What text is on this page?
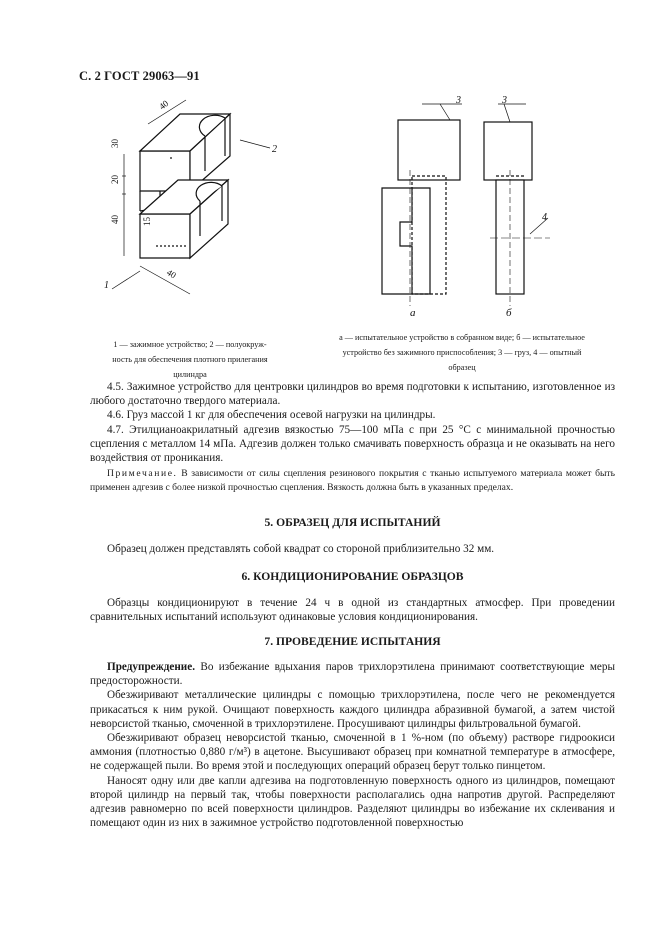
С. 2 ГОСТ 29063—91
40
30
20
40 15
40
1
2
3	3
4
а	б
1 — зажимное устройство; 2 — полуокруж-
ность для обеспечения плотного прилегания
цилиндра
а — испытательное устройство в собранном виде; б — испытательное
устройство без зажимного приспособления; 3 — груз, 4 — опытный
образец

4.5. Зажимное устройство для центровки цилиндров во время подготовки к испытанию, изготовленное из любого достаточно твердого материала.

4.6. Груз массой 1 кг для обеспечения осевой нагрузки на цилиндры.

4.7. Этилцианоакрилатный адгезив вязкостью 75—100 мПа с при 25 °С с минимальной прочностью сцепления с металлом 14 мПа. Адгезив должен только смачивать поверхность образца и не оказывать на него воздействия от проникания.

Примечание. В зависимости от силы сцепления резинового покрытия с тканью испытуемого материала может быть применен адгезив с более низкой прочностью сцепления. Вязкость должна быть в указанных пределах.

5. ОБРАЗЕЦ ДЛЯ ИСПЫТАНИЙ

Образец должен представлять собой квадрат со стороной приблизительно 32 мм.

6. КОНДИЦИОНИРОВАНИЕ ОБРАЗЦОВ

Образцы кондиционируют в течение 24 ч в одной из стандартных атмосфер. При проведении сравнительных испытаний используют одинаковые условия кондиционирования.

7. ПРОВЕДЕНИЕ ИСПЫТАНИЯ

Предупреждение. Во избежание вдыхания паров трихлорэтилена принимают соответствующие меры предосторожности.

Обезжиривают металлические цилиндры с помощью трихлорэтилена, после чего не рекомендуется прикасаться к ним рукой. Очищают поверхность каждого цилиндра абразивной бумагой, а затем чистой неворсистой тканью, смоченной в трихлорэтилене. Просушивают цилиндры фильтровальной бумагой.

Обезжиривают образец неворсистой тканью, смоченной в 1 %-ном (по объему) растворе гидроокиси аммония (плотностью 0,880 г/м³) в ацетоне. Высушивают образец при комнатной температуре в атмосфере, не содержащей пыли. Во время этой и последующих операций образец берут только пинцетом.

Наносят одну или две капли адгезива на подготовленную поверхность одного из цилиндров, помещают второй цилиндр на первый так, чтобы поверхности располагались одна напротив другой. Распределяют адгезив равномерно по всей поверхности цилиндров. Разделяют цилиндры во избежание их склеивания и помещают один из них в зажимное устройство подготовленной поверхностью
